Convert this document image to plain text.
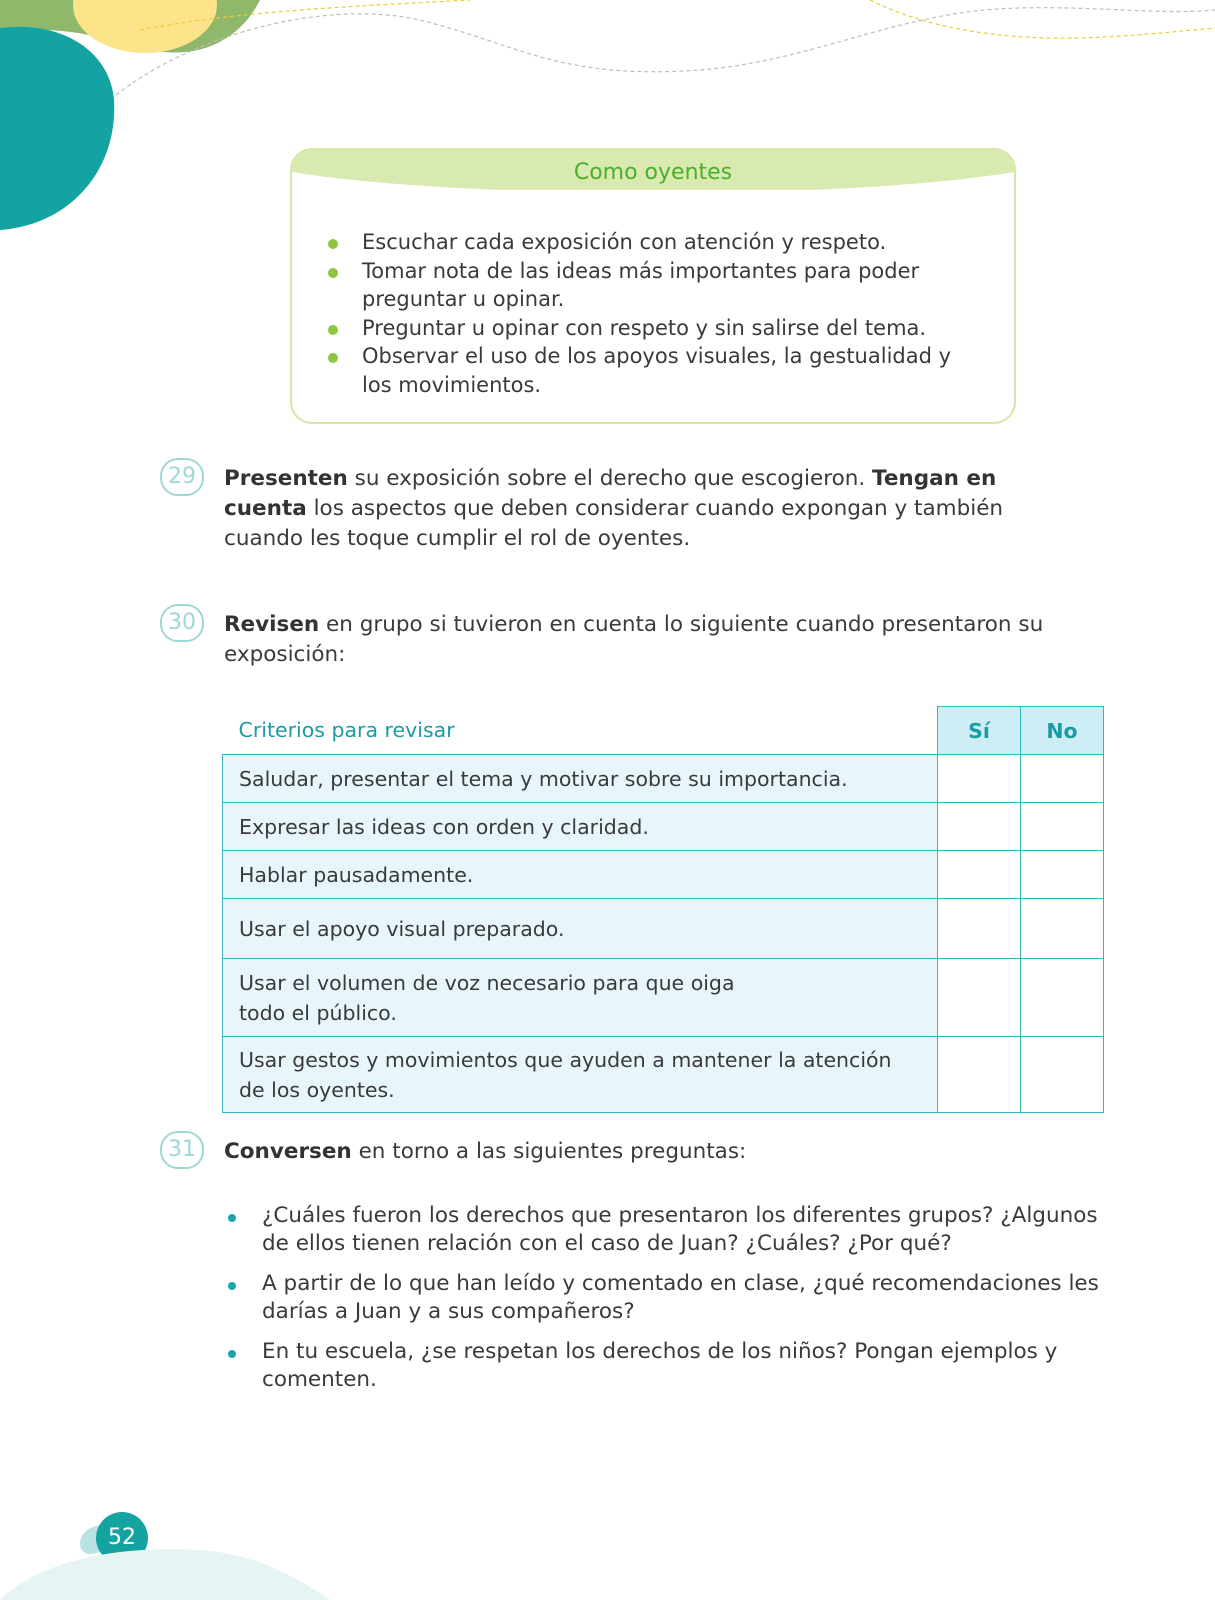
Como oyentes
Escuchar cada exposición con atención y respeto.
Tomar nota de las ideas más importantes para poder preguntar u opinar.
Preguntar u opinar con respeto y sin salirse del tema.
Observar el uso de los apoyos visuales, la gestualidad y los movimientos.
29	Presenten su exposición sobre el derecho que escogieron. Tengan en cuenta los aspectos que deben considerar cuando expongan y también cuando les toque cumplir el rol de oyentes.
30	Revisen en grupo si tuvieron en cuenta lo siguiente cuando presentaron su exposición:
Criterios para revisar	Sí	No
Saludar, presentar el tema y motivar sobre su importancia.		
Expresar las ideas con orden y claridad.		
Hablar pausadamente.		
Usar el apoyo visual preparado.		
Usar el volumen de voz necesario para que oiga todo el público.		
Usar gestos y movimientos que ayuden a mantener la atención de los oyentes.		
31	Conversen en torno a las siguientes preguntas:
¿Cuáles fueron los derechos que presentaron los diferentes grupos? ¿Algunos de ellos tienen relación con el caso de Juan? ¿Cuáles? ¿Por qué?
A partir de lo que han leído y comentado en clase, ¿qué recomendaciones les darías a Juan y a sus compañeros?
En tu escuela, ¿se respetan los derechos de los niños? Pongan ejemplos y comenten.
52
